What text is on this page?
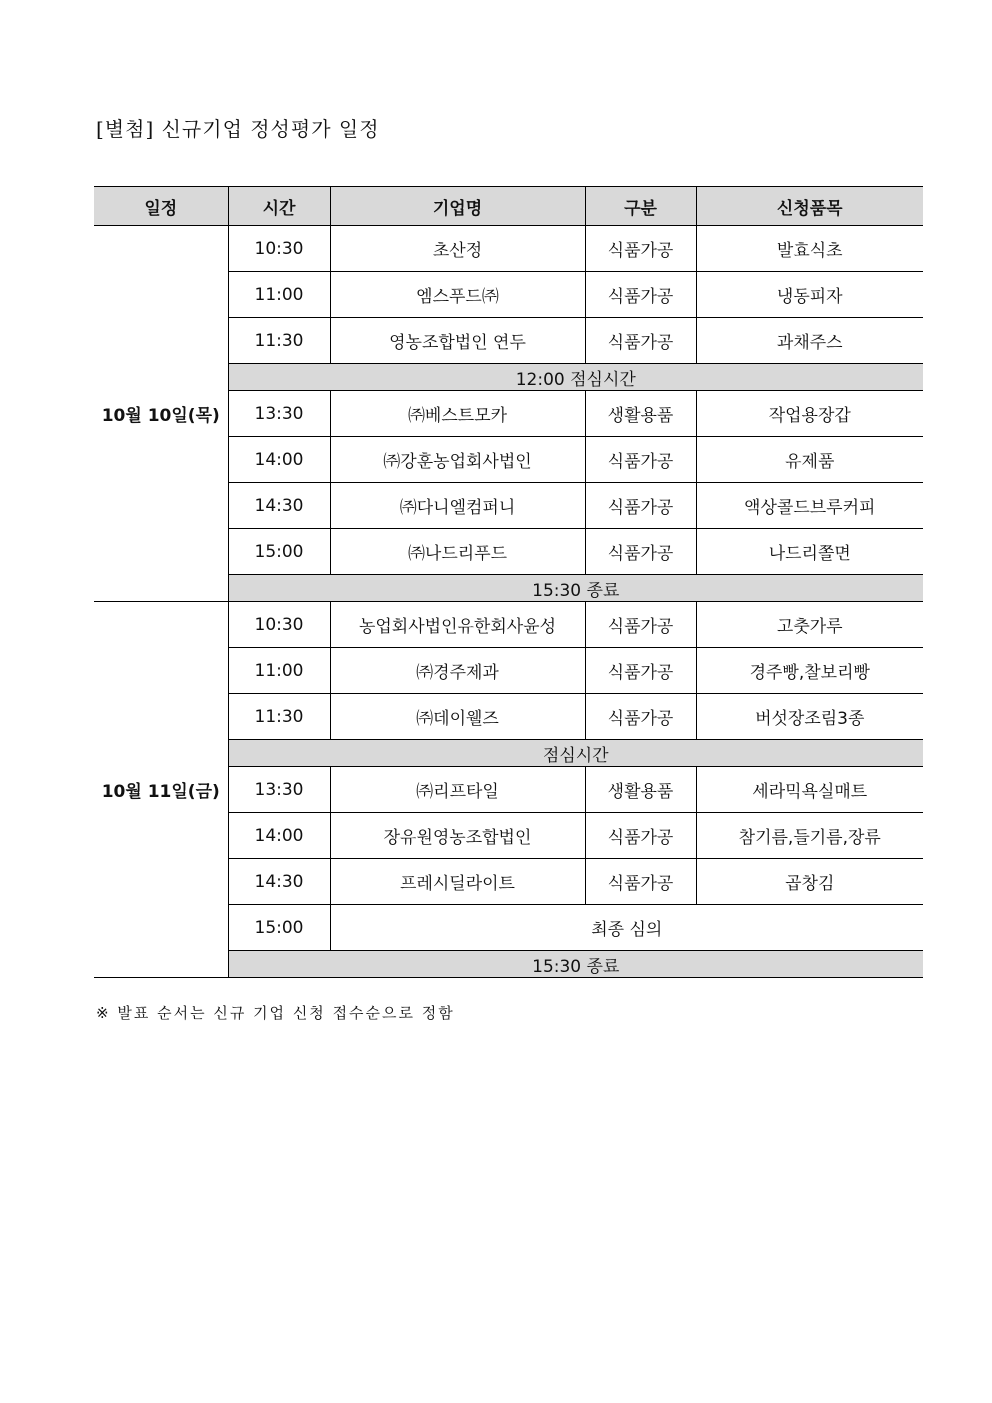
[별첨] 신규기업 정성평가 일정
일정	시간	기업명	구분	신청품목
10월 10일(목)	10:30	초산정	식품가공	발효식초
	11:00	엠스푸드㈜	식품가공	냉동피자
	11:30	영농조합법인 연두	식품가공	과채주스
	12:00 점심시간			
	13:30	㈜베스트모카	생활용품	작업용장갑
	14:00	㈜강훈농업회사법인	식품가공	유제품
	14:30	㈜다니엘컴퍼니	식품가공	액상콜드브루커피
	15:00	㈜나드리푸드	식품가공	나드리쫄면
	15:30 종료			
10월 11일(금)	10:30	농업회사법인유한회사윤성	식품가공	고춧가루
	11:00	㈜경주제과	식품가공	경주빵,찰보리빵
	11:30	㈜데이웰즈	식품가공	버섯장조림3종
	점심시간			
	13:30	㈜리프타일	생활용품	세라믹욕실매트
	14:00	장유원영농조합법인	식품가공	참기름,들기름,장류
	14:30	프레시딜라이트	식품가공	곱창김
	15:00	최종 심의		
	15:30 종료			
※ 발표 순서는 신규 기업 신청 접수순으로 정함
